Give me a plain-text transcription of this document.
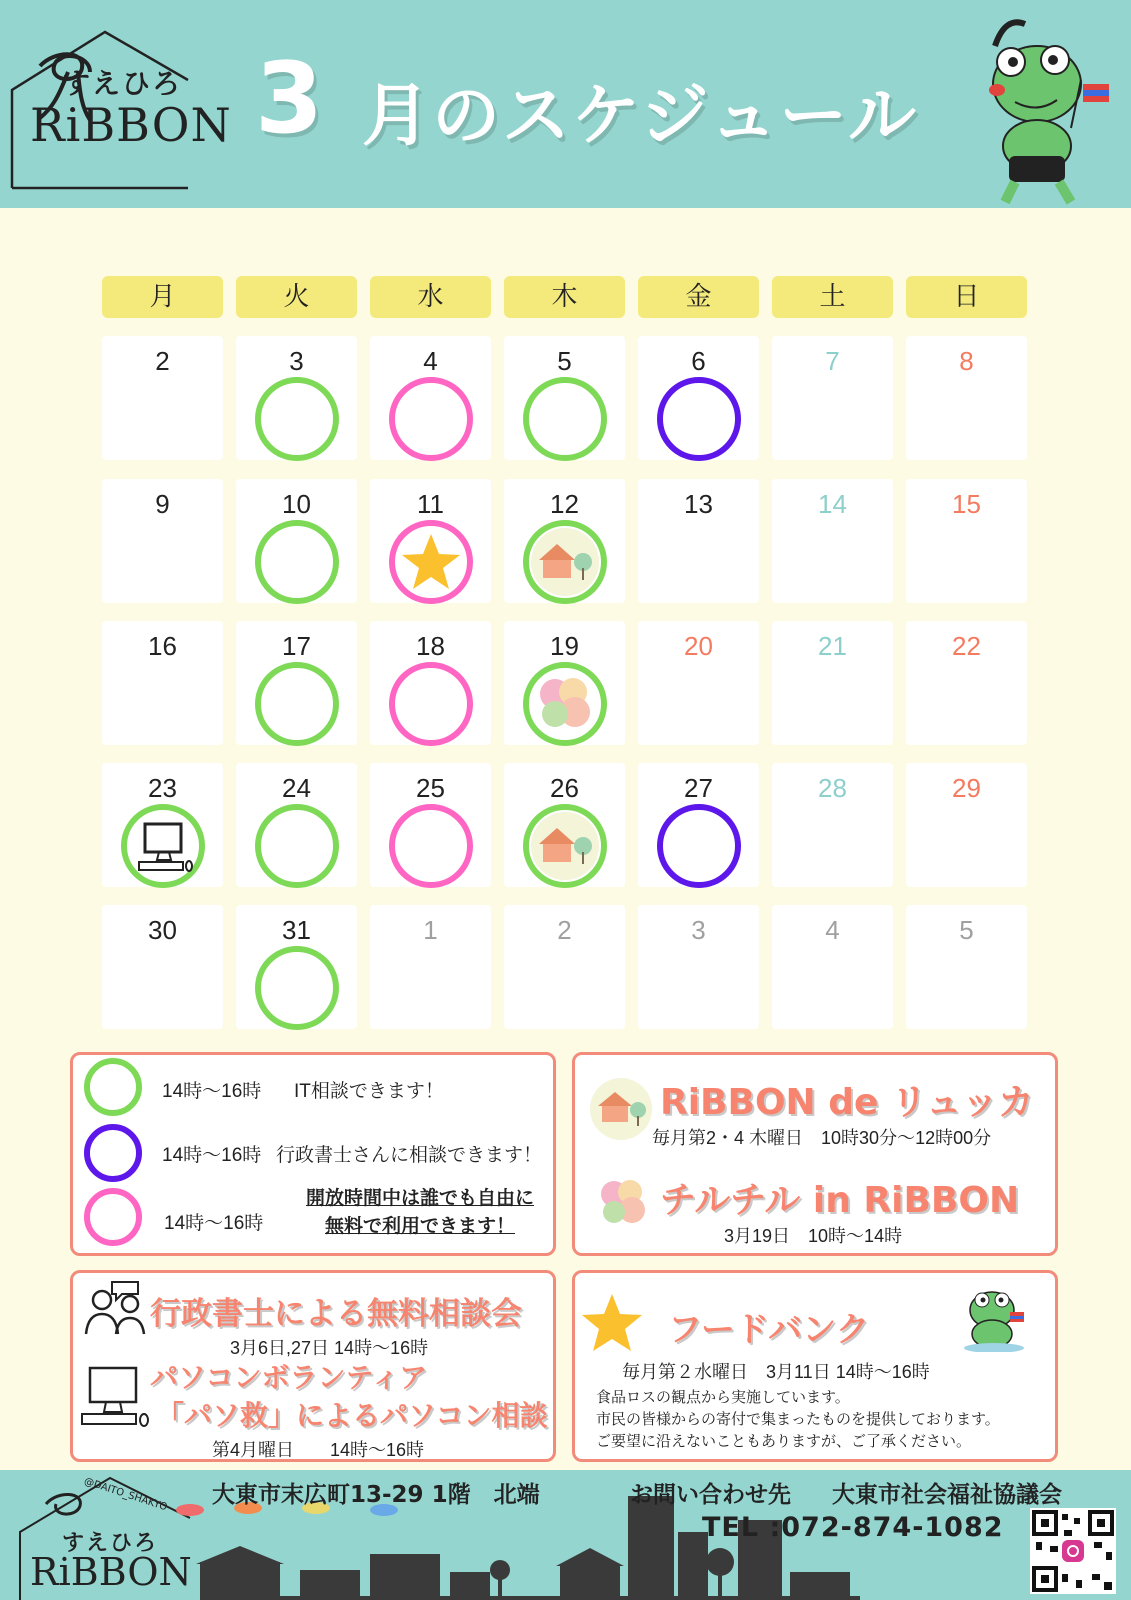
すえひろ
RiBBON 3 月のスケジュール
月	火	水	木	金	土	日
2	3	4	5	6	7	8
9	10	11	12	13	14	15
16	17	18	19	20	21	22
23	24	25	26	27	28	29
30	31	1	2	3	4	5
14時～16時 IT相談できます！
14時～16時 行政書士さんに相談できます！
14時～16時
開放時間中は誰でも自由に
無料で利用できます！
RiBBON de リュッカ
毎月第2・4 木曜日　10時30分～12時00分
チルチル in RiBBON
3月19日　10時～14時
行政書士による無料相談会
3月6日,27日 14時～16時
パソコンボランティア
「パソ救」によるパソコン相談
第4月曜日　　14時～16時
フードバンク
毎月第２水曜日　3月11日 14時～16時
食品ロスの観点から実施しています。
市民の皆様からの寄付で集まったものを提供しております。
ご要望に沿えないこともありますが、ご了承ください。
@DAITO_SHAKYO
すえひろ
RiBBON
大東市末広町13-29 1階　北端	お問い合わせ先 大東市社会福祉協議会
TEL :072-874-1082
